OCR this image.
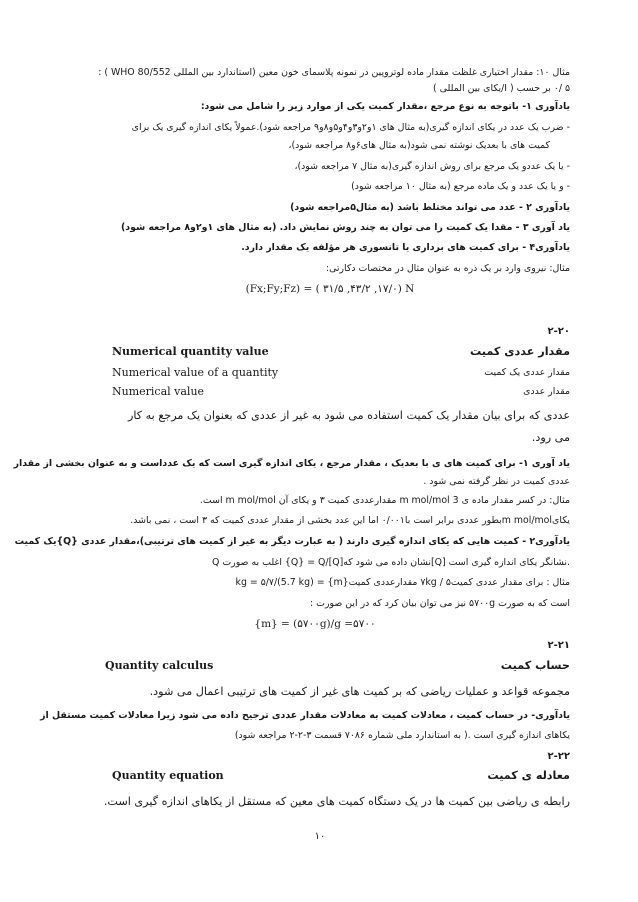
مثال ۱۰: مقدار اختیاری غلظت مقدار ماده لوتروپین در نمونه پلاسمای خون معین (استاندارد بین المللی WHO 80/552 ) :
۵ /۰ بر حسب ( I/یکای بین المللی )
یادآوری ۱- باتوجه به نوع مرجع ،مقدار کمیت یکی از موارد زیر را شامل می شود:
- ضرب یک عدد در یکای اندازه گیری(به مثال های ۱و۲و۳و۴و۵و۸و۹ مراجعه شود).عمولاً یکای اندازه گیری یک برای
کمیت های با بعدیک نوشته نمی شود(به مثال های۶و۸ مراجعه شود)،
- یا یک عددو یک مرجع برای روش اندازه گیری(به مثال ۷ مراجعه شود)،
- و یا یک عدد و یک ماده مرجع (به مثال ۱۰ مراجعه شود)
یادآوری ۲ - عدد می تواند مختلط باشد (به مثال۵مراجعه شود)
یاد آوری ۳ - مقدا یک کمیت را می توان به چند روش نمایش داد. (به مثال های ۱و۲و۸ مراجعه شود)
یادآوری۴ - برای کمیت های برداری یا تانسوری هر مؤلفه یک مقدار دارد.
مثال: نیروی وارد بر یک ذره به عنوان مثال در مختصات دکارتی:
(Fx;Fy;Fz) = ( ۳۱/۵ ,۴۳/۲ ,۱۷/۰) N
۲-۲۰
مقدار عددی کمیت
Numerical quantity value
مقدار عددی یک کمیت
Numerical value of a quantity
مقدار عددی
Numerical value
عددی که برای بیان مقدار یک کمیت استفاده می شود به غیر از عددی که بعنوان یک مرجع به کار
می رود.
یاد آوری ۱- برای کمیت های ی با بعدیک ، مقدار مرجع ، یکای اندازه گیری است که یک عدداست و به عنوان بخشی از مقدار
عددی کمیت در نظر گرفته نمی شود .
مثال: در کسر مقدار ماده ی 3 m mol/mol مقدارعددی کمیت ۳ و یکای آن m mol/mol است.
یکایm mol/molبطور عددی برابر است با۰/۰۰۱ اما این عدد بخشی از مقدار عددی کمیت که ۳ است ، نمی باشد.
یادآوری۲ - کمیت هایی که یکای اندازه گیری دارند ( به عبارت دیگر به غیر از کمیت های ترتیبی)،مقدار عددی {Q}یک کمیت
Q اغلب به صورت {Q} = Q/[Q]نشان داده می شود که[Q] نشانگر یکای اندازه گیری است.
مثال : برای مقدار عددی کمیت۵ / ۷kg مقدارعددی کمیت{m} = (5.7 kg)/kg = ۵/۷
است که به صورت ۵۷۰۰g نیز می توان بیان کرد که در این صورت :
{m} = (۵۷۰۰g)/g =۵۷۰۰
۲-۲۱
حساب کمیت
Quantity calculus
مجموعه قواعد و عملیات ریاضی که بر کمیت های غیر از کمیت های ترتیبی اعمال می شود.
یادآوری- در حساب کمیت ، معادلات کمیت به معادلات مقدار عددی ترجیح داده می شود زیرا معادلات کمیت مستقل از
یکاهای اندازه گیری است .( به استاندارد ملی شماره ۷۰۸۶ قسمت ۳-۲-۲ مراجعه شود)
۲-۲۲
معادله ی کمیت
Quantity equation
رابطه ی ریاضی بین کمیت ها در یک دستگاه کمیت های معین که مستقل از یکاهای اندازه گیری است.
۱۰
